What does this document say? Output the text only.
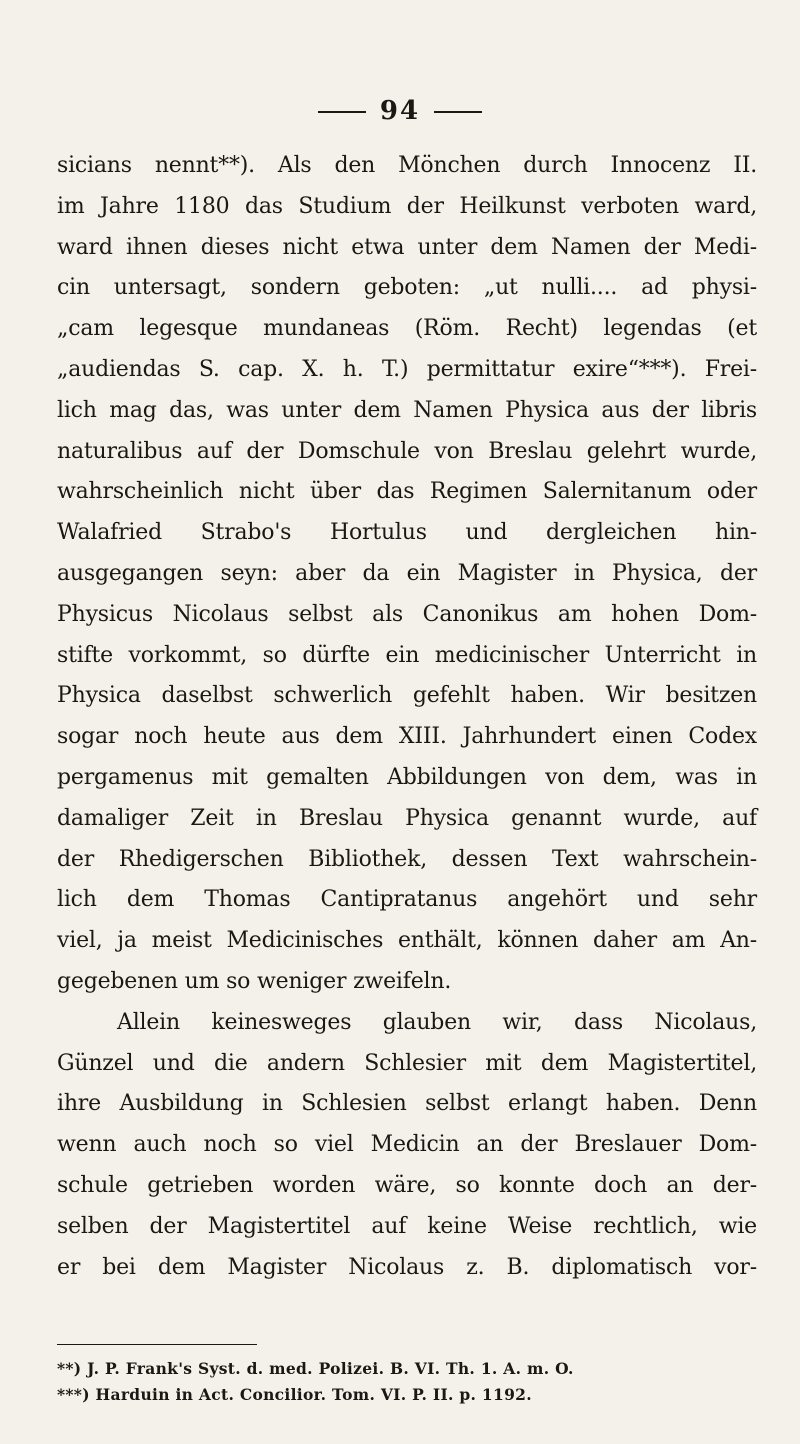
94
sicians nennt**). Als den Mönchen durch Innocenz II.
im Jahre 1180 das Studium der Heilkunst verboten ward,
ward ihnen dieses nicht etwa unter dem Namen der Medi-
cin untersagt, sondern geboten: „ut nulli.... ad physi-
„cam legesque mundaneas (Röm. Recht) legendas (et
„audiendas S. cap. X. h. T.) permittatur exire“***). Frei-
lich mag das, was unter dem Namen Physica aus der libris
naturalibus auf der Domschule von Breslau gelehrt wurde,
wahrscheinlich nicht über das Regimen Salernitanum oder
Walafried Strabo's Hortulus und dergleichen hin-
ausgegangen seyn: aber da ein Magister in Physica, der
Physicus Nicolaus selbst als Canonikus am hohen Dom-
stifte vorkommt, so dürfte ein medicinischer Unterricht in
Physica daselbst schwerlich gefehlt haben. Wir besitzen
sogar noch heute aus dem XIII. Jahrhundert einen Codex
pergamenus mit gemalten Abbildungen von dem, was in
damaliger Zeit in Breslau Physica genannt wurde, auf
der Rhedigerschen Bibliothek, dessen Text wahrschein-
lich dem Thomas Cantipratanus angehört und sehr
viel, ja meist Medicinisches enthält, können daher am An-
gegebenen um so weniger zweifeln.
Allein keinesweges glauben wir, dass Nicolaus,
Günzel und die andern Schlesier mit dem Magistertitel,
ihre Ausbildung in Schlesien selbst erlangt haben. Denn
wenn auch noch so viel Medicin an der Breslauer Dom-
schule getrieben worden wäre, so konnte doch an der-
selben der Magistertitel auf keine Weise rechtlich, wie
er bei dem Magister Nicolaus z. B. diplomatisch vor-
**) J. P. Frank's Syst. d. med. Polizei. B. VI. Th. 1. A. m. O.
***) Harduin in Act. Concilior. Tom. VI. P. II. p. 1192.
